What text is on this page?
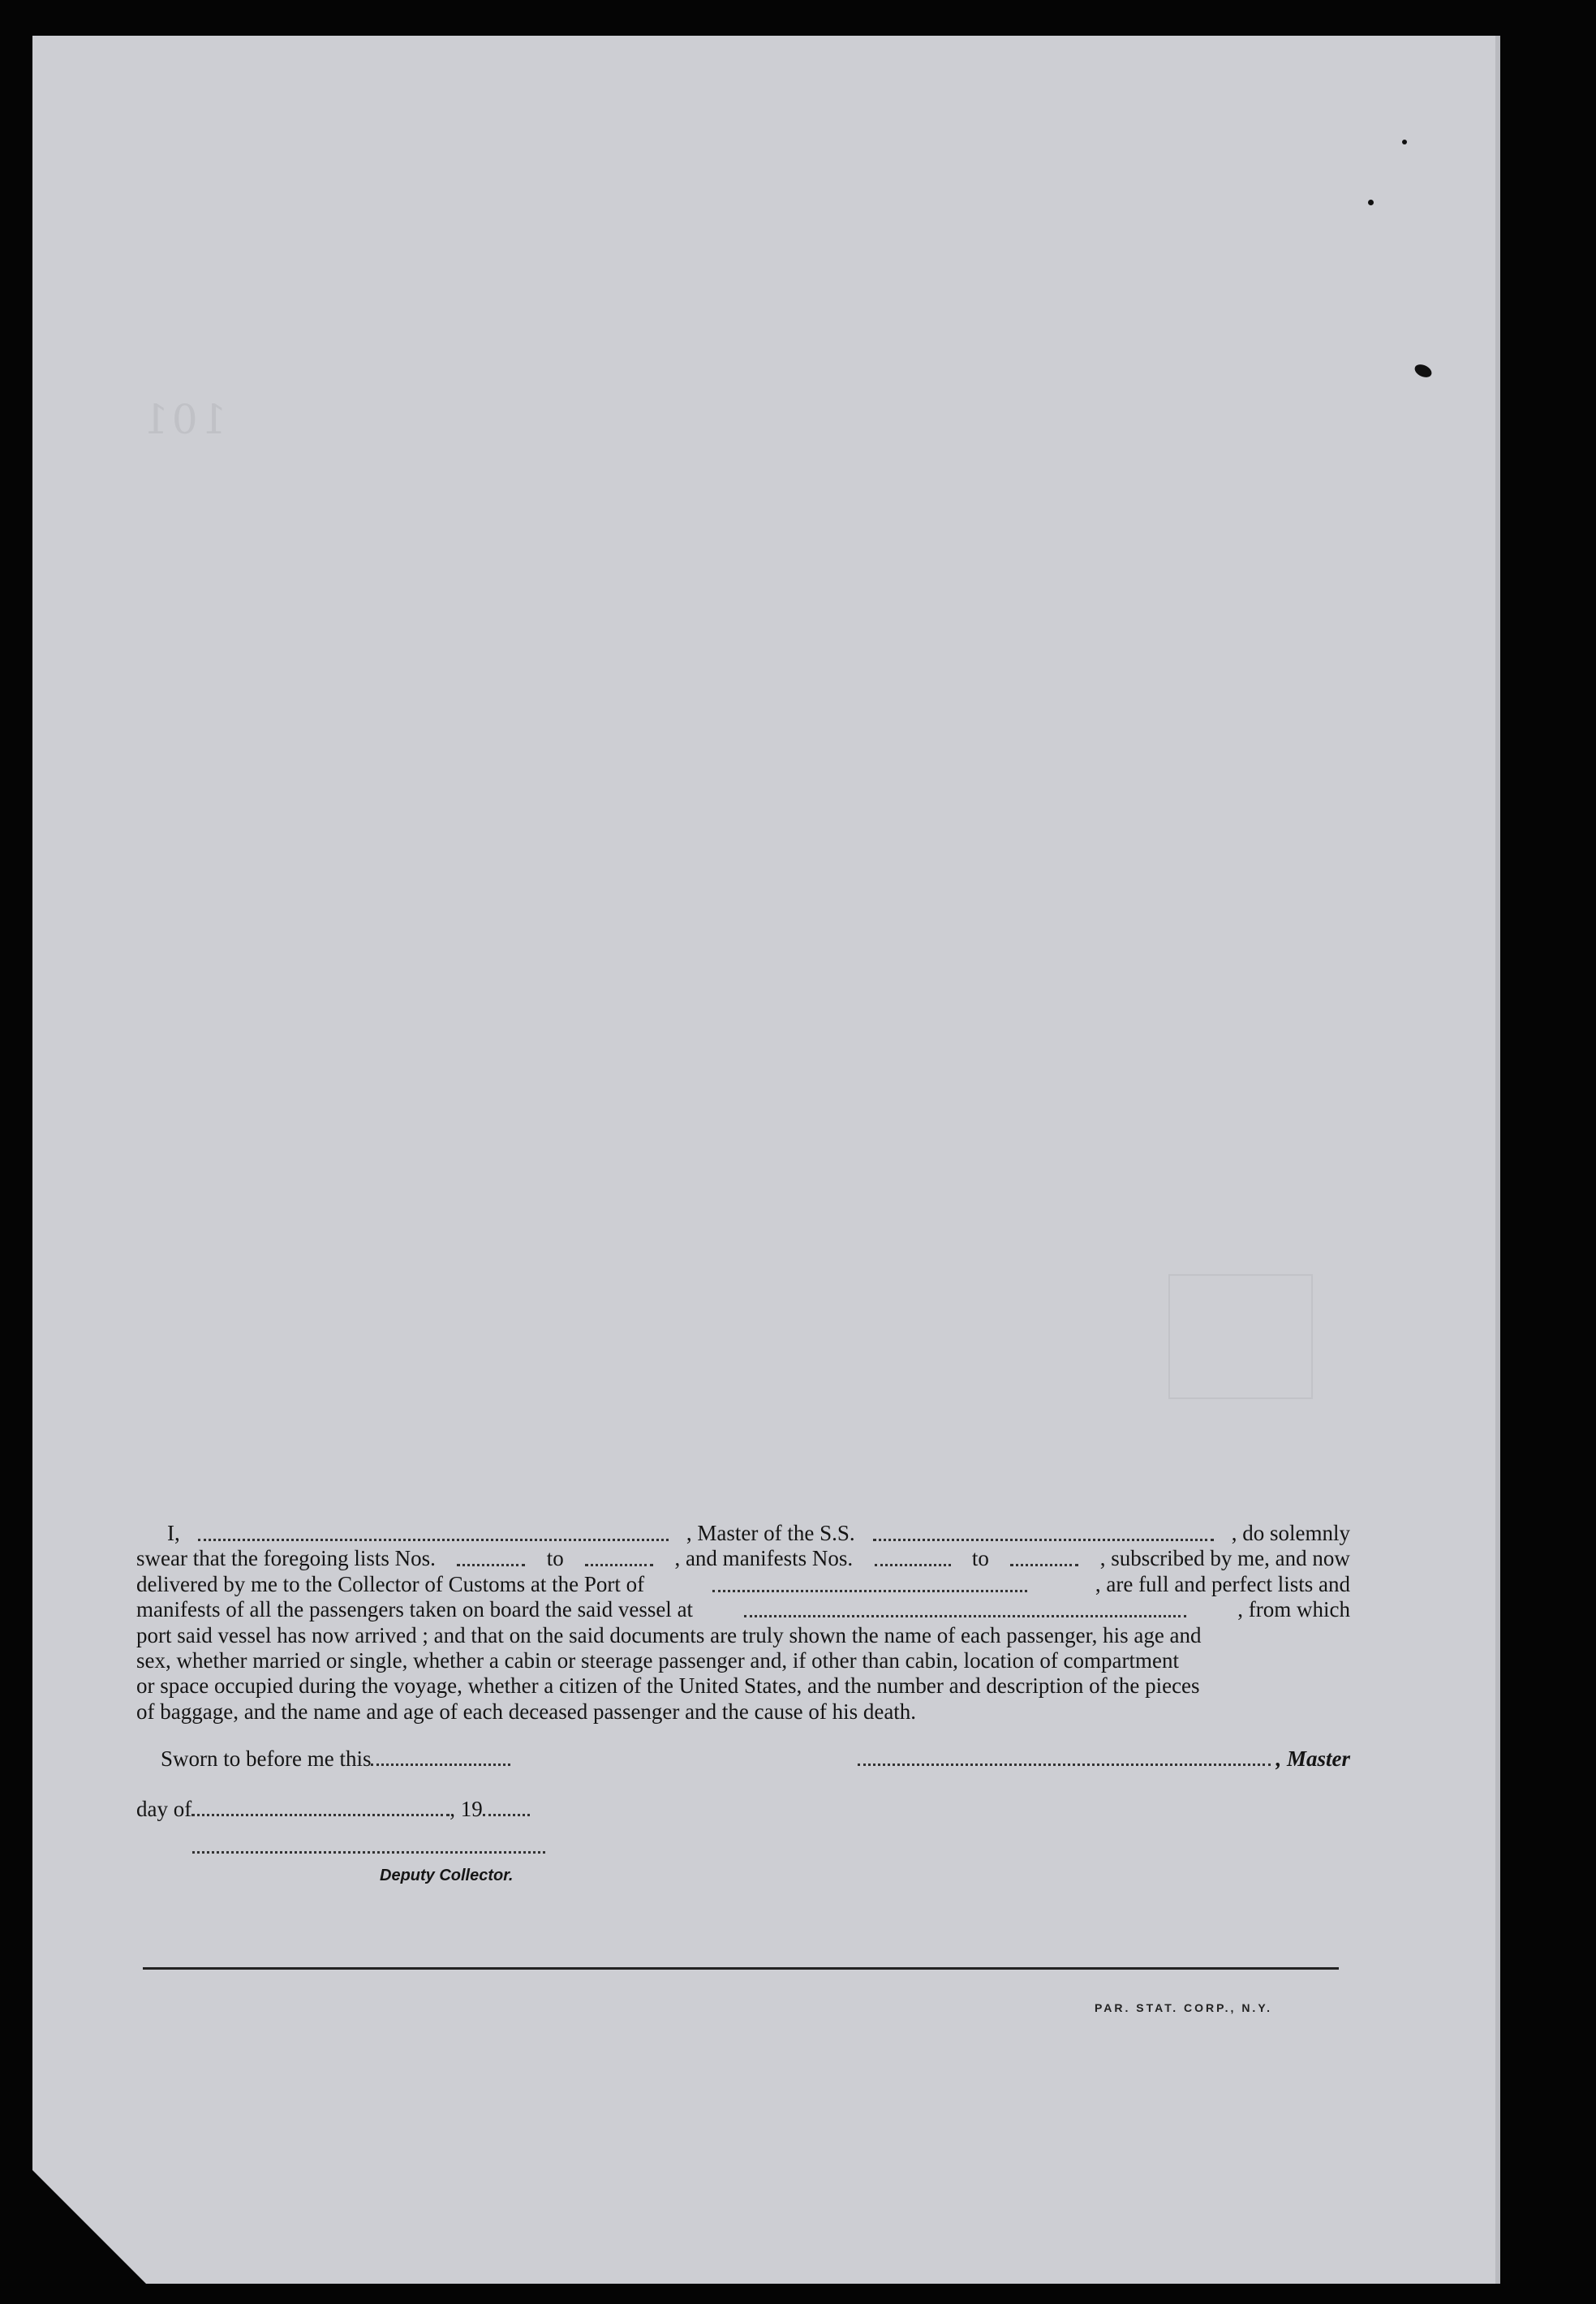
101
I,	, Master of the S.S.	, do solemnly
swear that the foregoing lists Nos.	to	, and manifests Nos.	to	, subscribed by me, and now
delivered by me to the Collector of Customs at the Port of	, are full and perfect lists and
manifests of all the passengers taken on board the said vessel at	, from which
port said vessel has now arrived ; and that on the said documents are truly shown the name of each passenger, his age and
sex, whether married or single, whether a cabin or steerage passenger and, if other than cabin, location of compartment
or space occupied during the voyage, whether a citizen of the United States, and the number and description of the pieces
of baggage, and the name and age of each deceased passenger and the cause of his death.
Sworn to before me this	, Master
day of	, 19
Deputy Collector.
PAR. STAT. CORP., N.Y.
